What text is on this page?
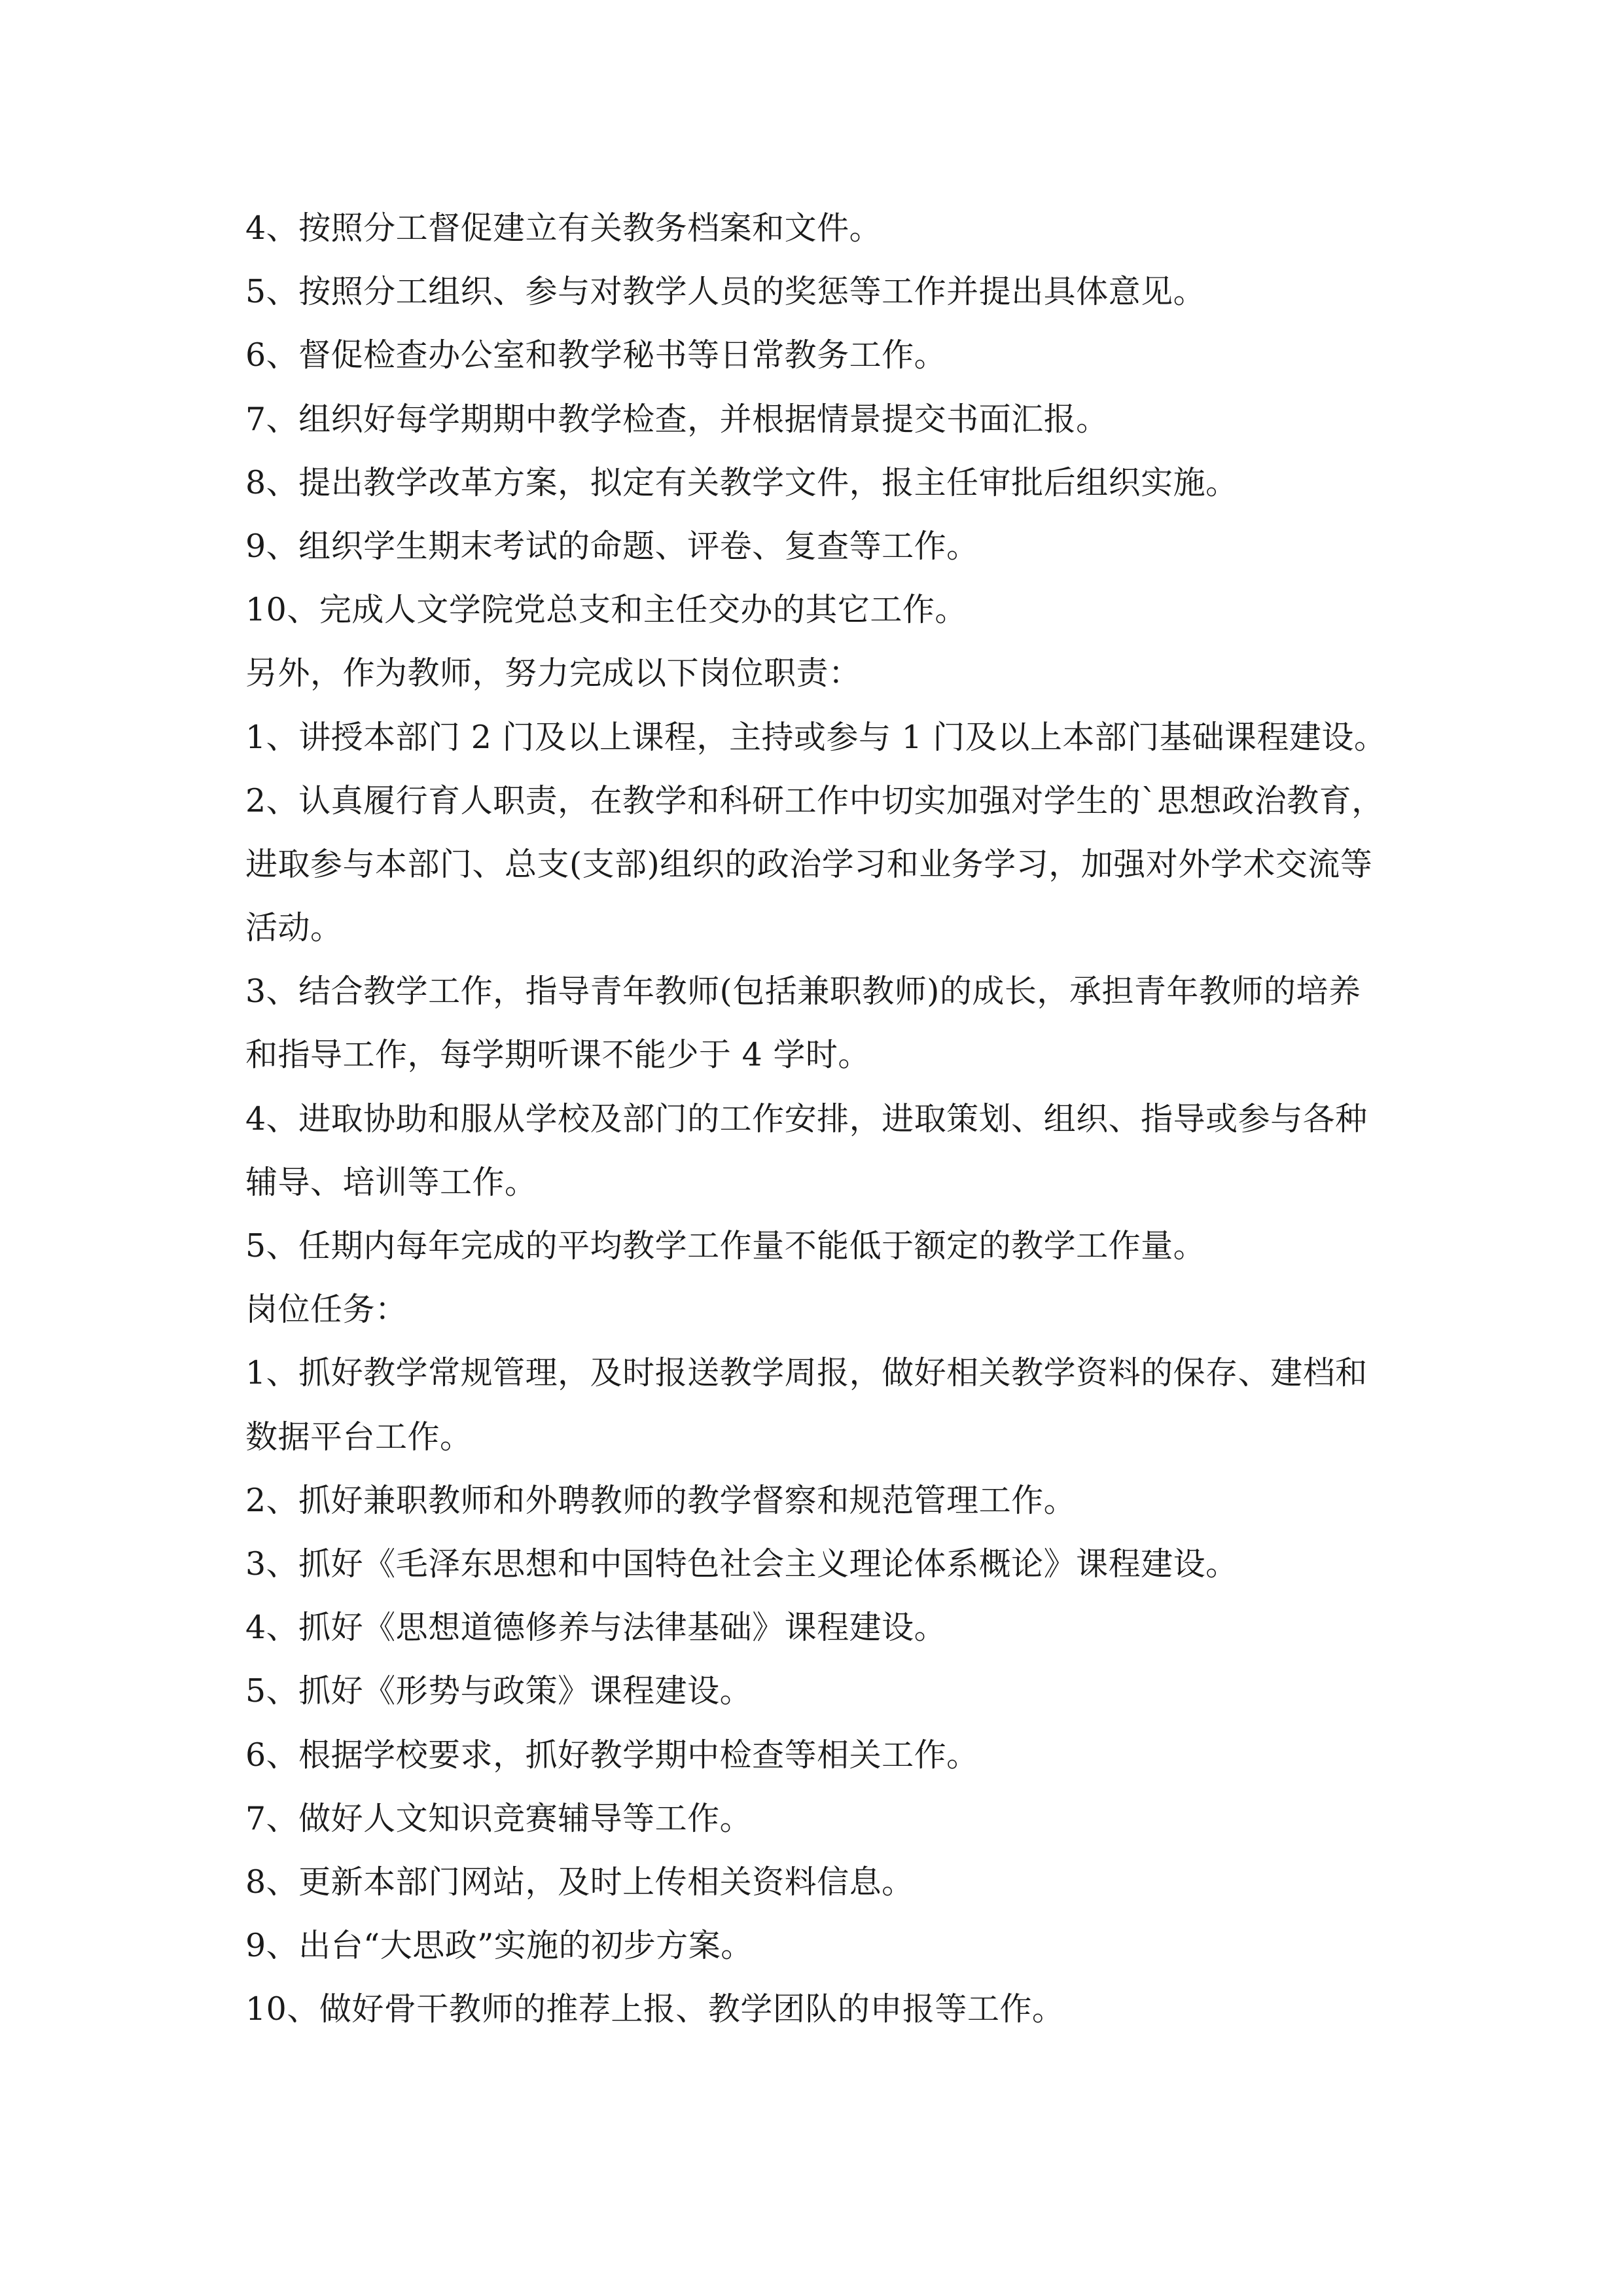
4、按照分工督促建立有关教务档案和文件。
5、按照分工组织、参与对教学人员的奖惩等工作并提出具体意见。
6、督促检查办公室和教学秘书等日常教务工作。
7、组织好每学期期中教学检查，并根据情景提交书面汇报。
8、提出教学改革方案，拟定有关教学文件，报主任审批后组织实施。
9、组织学生期末考试的命题、评卷、复查等工作。
10、完成人文学院党总支和主任交办的其它工作。
另外，作为教师，努力完成以下岗位职责：
1、讲授本部门 2 门及以上课程，主持或参与 1 门及以上本部门基础课程建设。
2、认真履行育人职责，在教学和科研工作中切实加强对学生的`思想政治教育，
进取参与本部门、总支(支部)组织的政治学习和业务学习，加强对外学术交流等
活动。
3、结合教学工作，指导青年教师(包括兼职教师)的成长，承担青年教师的培养
和指导工作，每学期听课不能少于 4 学时。
4、进取协助和服从学校及部门的工作安排，进取策划、组织、指导或参与各种
辅导、培训等工作。
5、任期内每年完成的平均教学工作量不能低于额定的教学工作量。
岗位任务：
1、抓好教学常规管理，及时报送教学周报，做好相关教学资料的保存、建档和
数据平台工作。
2、抓好兼职教师和外聘教师的教学督察和规范管理工作。
3、抓好《毛泽东思想和中国特色社会主义理论体系概论》课程建设。
4、抓好《思想道德修养与法律基础》课程建设。
5、抓好《形势与政策》课程建设。
6、根据学校要求，抓好教学期中检查等相关工作。
7、做好人文知识竞赛辅导等工作。
8、更新本部门网站，及时上传相关资料信息。
9、出台“大思政”实施的初步方案。
10、做好骨干教师的推荐上报、教学团队的申报等工作。
